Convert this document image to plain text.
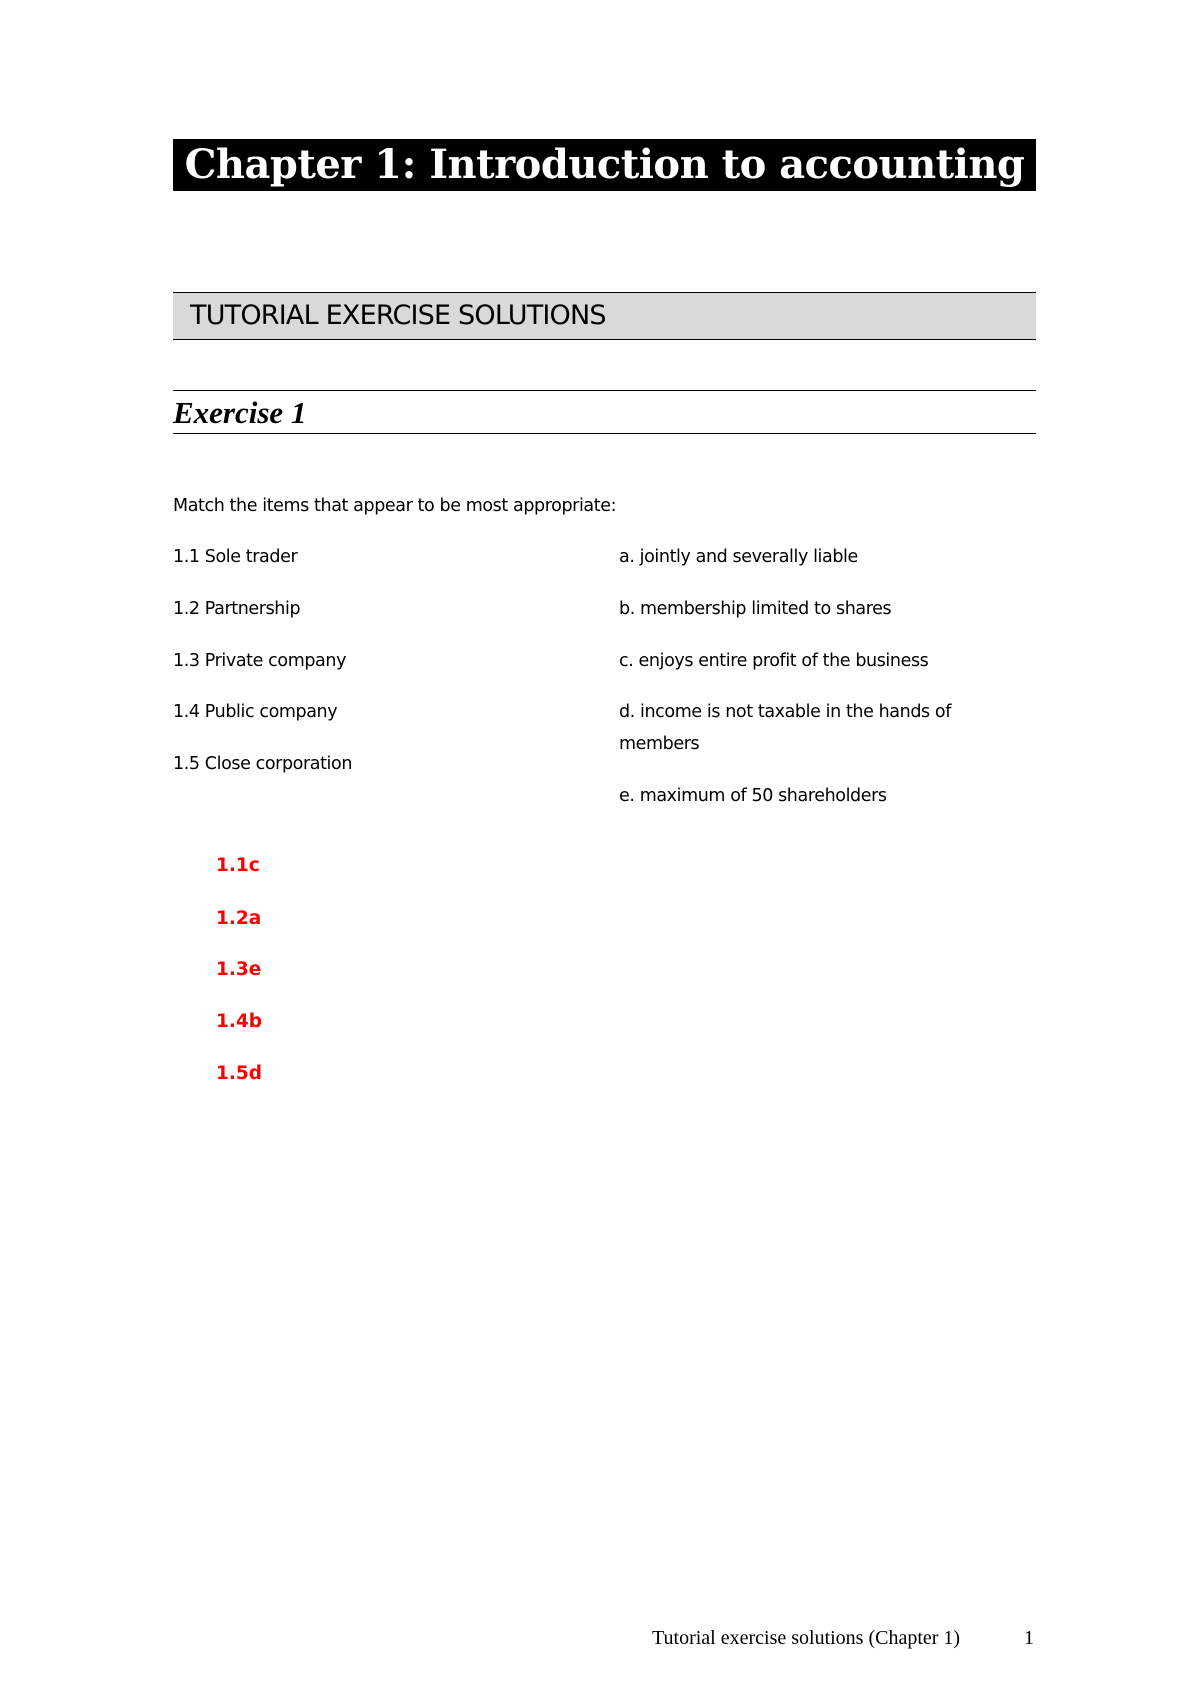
Chapter 1: Introduction to accounting
TUTORIAL EXERCISE SOLUTIONS
Exercise 1
Match the items that appear to be most appropriate:
1.1 Sole trader
1.2 Partnership
1.3 Private company
1.4 Public company
1.5 Close corporation
a. jointly and severally liable
b. membership limited to shares
c. enjoys entire profit of the business
d. income is not taxable in the hands of
members
e. maximum of 50 shareholders
1.1c
1.2a
1.3e
1.4b
1.5d
Tutorial exercise solutions (Chapter 1)	1
